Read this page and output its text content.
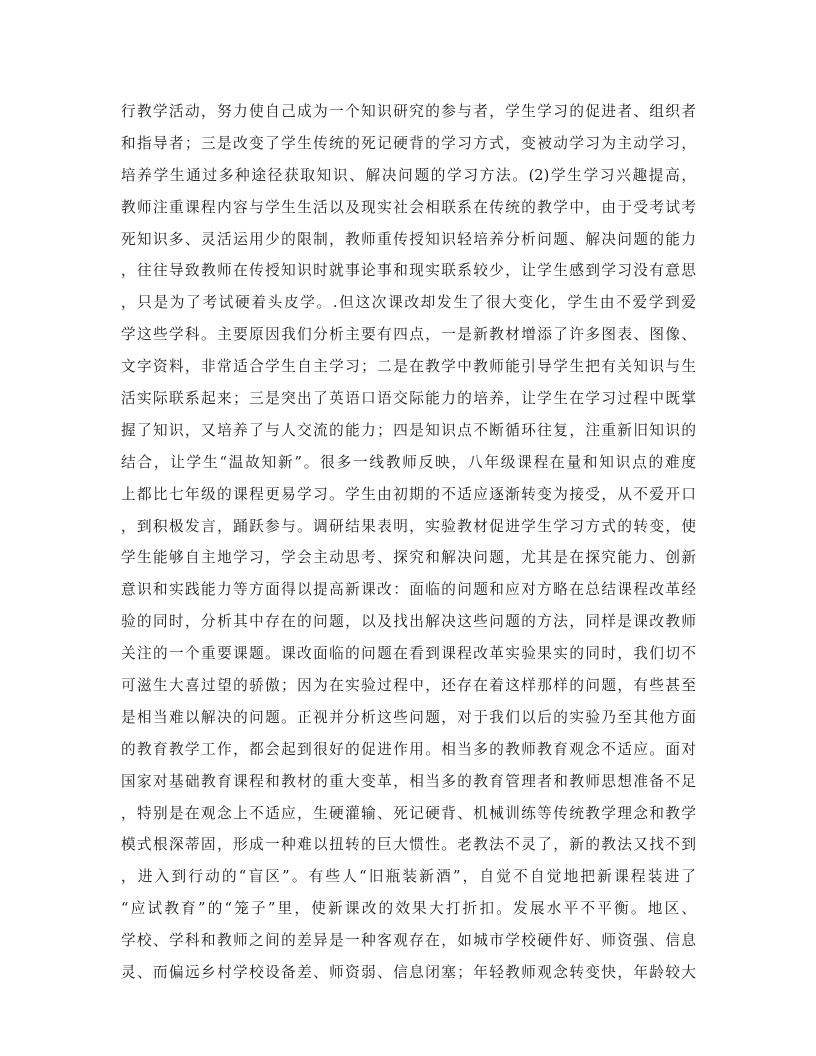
行教学活动，努力使自己成为一个知识研究的参与者，学生学习的促进者、组织者
和指导者；三是改变了学生传统的死记硬背的学习方式，变被动学习为主动学习，
培养学生通过多种途径获取知识、解决问题的学习方法。(2)学生学习兴趣提高，
教师注重课程内容与学生生活以及现实社会相联系在传统的教学中，由于受考试考
死知识多、灵活运用少的限制，教师重传授知识轻培养分析问题、解决问题的能力
，往往导致教师在传授知识时就事论事和现实联系较少，让学生感到学习没有意思
，只是为了考试硬着头皮学。.但这次课改却发生了很大变化，学生由不爱学到爱
学这些学科。主要原因我们分析主要有四点，一是新教材增添了许多图表、图像、
文字资料，非常适合学生自主学习；二是在教学中教师能引导学生把有关知识与生
活实际联系起来；三是突出了英语口语交际能力的培养，让学生在学习过程中既掌
握了知识，又培养了与人交流的能力；四是知识点不断循环往复，注重新旧知识的
结合，让学生“温故知新”。很多一线教师反映，八年级课程在量和知识点的难度
上都比七年级的课程更易学习。学生由初期的不适应逐渐转变为接受，从不爱开口
，到积极发言，踊跃参与。调研结果表明，实验教材促进学生学习方式的转变，使
学生能够自主地学习，学会主动思考、探究和解决问题，尤其是在探究能力、创新
意识和实践能力等方面得以提高新课改：面临的问题和应对方略在总结课程改革经
验的同时，分析其中存在的问题，以及找出解决这些问题的方法，同样是课改教师
关注的一个重要课题。课改面临的问题在看到课程改革实验果实的同时，我们切不
可滋生大喜过望的骄傲；因为在实验过程中，还存在着这样那样的问题，有些甚至
是相当难以解决的问题。正视并分析这些问题，对于我们以后的实验乃至其他方面
的教育教学工作，都会起到很好的促进作用。相当多的教师教育观念不适应。面对
国家对基础教育课程和教材的重大变革，相当多的教育管理者和教师思想准备不足
，特别是在观念上不适应，生硬灌输、死记硬背、机械训练等传统教学理念和教学
模式根深蒂固，形成一种难以扭转的巨大惯性。老教法不灵了，新的教法又找不到
，进入到行动的“盲区”。有些人“旧瓶装新酒”，自觉不自觉地把新课程装进了
“应试教育”的“笼子”里，使新课改的效果大打折扣。发展水平不平衡。地区、
学校、学科和教师之间的差异是一种客观存在，如城市学校硬件好、师资强、信息
灵、而偏远乡村学校设备差、师资弱、信息闭塞；年轻教师观念转变快，年龄较大
